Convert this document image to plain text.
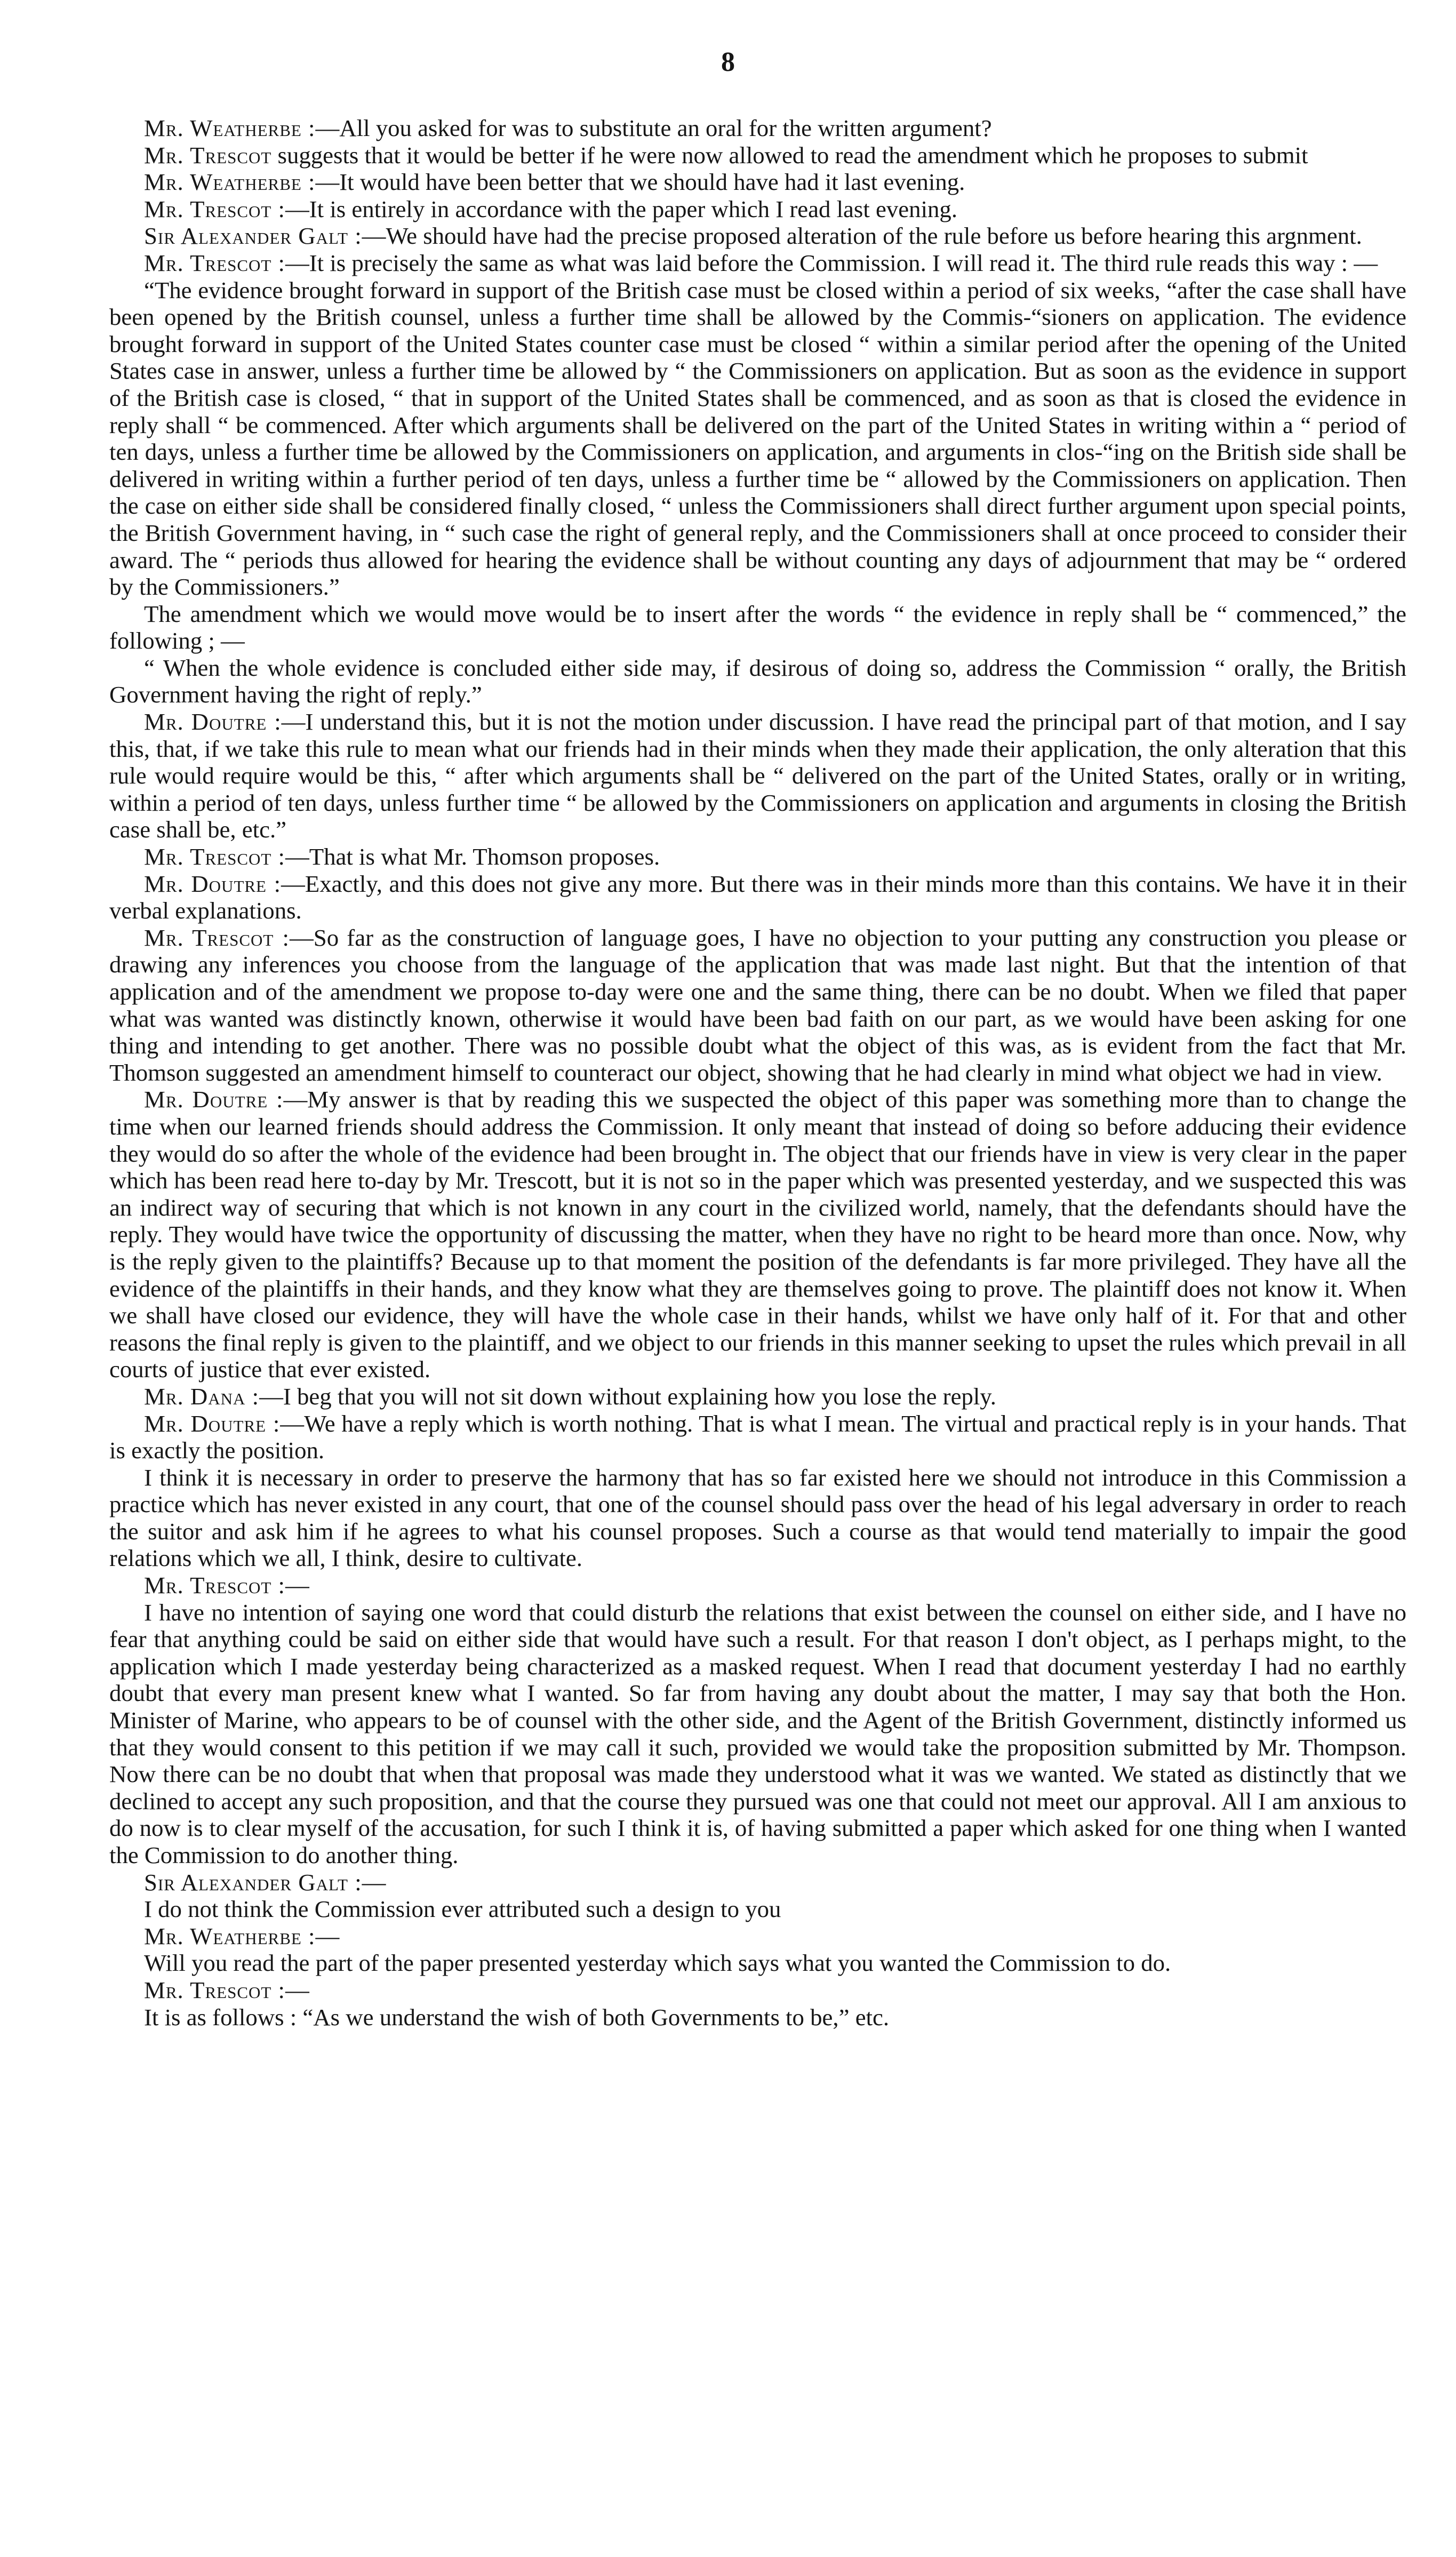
8

Mr. Weatherbe :—All you asked for was to substitute an oral for the written argument?

Mr. Trescot suggests that it would be better if he were now allowed to read the amendment which he proposes to submit

Mr. Weatherbe :—It would have been better that we should have had it last evening.

Mr. Trescot :—It is entirely in accordance with the paper which I read last evening.

Sir Alexander Galt :—We should have had the precise proposed alteration of the rule before us before hearing this argnment.

Mr. Trescot :—It is precisely the same as what was laid before the Commission. I will read it. The third rule reads this way : —

“The evidence brought forward in support of the British case must be closed within a period of six weeks, “after the case shall have been opened by the British counsel, unless a further time shall be allowed by the Commis-“sioners on application. The evidence brought forward in support of the United States counter case must be closed “ within a similar period after the opening of the United States case in answer, unless a further time be allowed by “ the Commissioners on application. But as soon as the evidence in support of the British case is closed, “ that in support of the United States shall be commenced, and as soon as that is closed the evidence in reply shall “ be commenced. After which arguments shall be delivered on the part of the United States in writing within a “ period of ten days, unless a further time be allowed by the Commissioners on application, and arguments in clos-“ing on the British side shall be delivered in writing within a further period of ten days, unless a further time be “ allowed by the Commissioners on application. Then the case on either side shall be considered finally closed, “ unless the Commissioners shall direct further argument upon special points, the British Government having, in “ such case the right of general reply, and the Commissioners shall at once proceed to consider their award. The “ periods thus allowed for hearing the evidence shall be without counting any days of adjournment that may be “ ordered by the Commissioners.”

The amendment which we would move would be to insert after the words “ the evidence in reply shall be “ commenced,” the following ; —

“ When the whole evidence is concluded either side may, if desirous of doing so, address the Commission “ orally, the British Government having the right of reply.”

Mr. Doutre :—I understand this, but it is not the motion under discussion. I have read the principal part of that motion, and I say this, that, if we take this rule to mean what our friends had in their minds when they made their application, the only alteration that this rule would require would be this, “ after which arguments shall be “ delivered on the part of the United States, orally or in writing, within a period of ten days, unless further time “ be allowed by the Commissioners on application and arguments in closing the British case shall be, etc.”

Mr. Trescot :—That is what Mr. Thomson proposes.

Mr. Doutre :—Exactly, and this does not give any more. But there was in their minds more than this contains. We have it in their verbal explanations.

Mr. Trescot :—So far as the construction of language goes, I have no objection to your putting any construction you please or drawing any inferences you choose from the language of the application that was made last night. But that the intention of that application and of the amendment we propose to-day were one and the same thing, there can be no doubt. When we filed that paper what was wanted was distinctly known, otherwise it would have been bad faith on our part, as we would have been asking for one thing and intending to get another. There was no possible doubt what the object of this was, as is evident from the fact that Mr. Thomson suggested an amendment himself to counteract our object, showing that he had clearly in mind what object we had in view.

Mr. Doutre :—My answer is that by reading this we suspected the object of this paper was something more than to change the time when our learned friends should address the Commission. It only meant that instead of doing so before adducing their evidence they would do so after the whole of the evidence had been brought in. The object that our friends have in view is very clear in the paper which has been read here to-day by Mr. Trescott, but it is not so in the paper which was presented yesterday, and we suspected this was an indirect way of securing that which is not known in any court in the civilized world, namely, that the defendants should have the reply. They would have twice the opportunity of discussing the matter, when they have no right to be heard more than once. Now, why is the reply given to the plaintiffs? Because up to that moment the position of the defendants is far more privileged. They have all the evidence of the plaintiffs in their hands, and they know what they are themselves going to prove. The plaintiff does not know it. When we shall have closed our evidence, they will have the whole case in their hands, whilst we have only half of it. For that and other reasons the final reply is given to the plaintiff, and we object to our friends in this manner seeking to upset the rules which prevail in all courts of justice that ever existed.

Mr. Dana :—I beg that you will not sit down without explaining how you lose the reply.

Mr. Doutre :—We have a reply which is worth nothing. That is what I mean. The virtual and practical reply is in your hands. That is exactly the position.

I think it is necessary in order to preserve the harmony that has so far existed here we should not introduce in this Commission a practice which has never existed in any court, that one of the counsel should pass over the head of his legal adversary in order to reach the suitor and ask him if he agrees to what his counsel proposes. Such a course as that would tend materially to impair the good relations which we all, I think, desire to cultivate.

Mr. Trescot :—

I have no intention of saying one word that could disturb the relations that exist between the counsel on either side, and I have no fear that anything could be said on either side that would have such a result. For that reason I don't object, as I perhaps might, to the application which I made yesterday being characterized as a masked request. When I read that document yesterday I had no earthly doubt that every man present knew what I wanted. So far from having any doubt about the matter, I may say that both the Hon. Minister of Marine, who appears to be of counsel with the other side, and the Agent of the British Government, distinctly informed us that they would consent to this petition if we may call it such, provided we would take the proposition submitted by Mr. Thompson. Now there can be no doubt that when that proposal was made they understood what it was we wanted. We stated as distinctly that we declined to accept any such proposition, and that the course they pursued was one that could not meet our approval. All I am anxious to do now is to clear myself of the accusation, for such I think it is, of having submitted a paper which asked for one thing when I wanted the Commission to do another thing.

Sir Alexander Galt :—

I do not think the Commission ever attributed such a design to you

Mr. Weatherbe :—

Will you read the part of the paper presented yesterday which says what you wanted the Commission to do.

Mr. Trescot :—

It is as follows : “As we understand the wish of both Governments to be,” etc.
